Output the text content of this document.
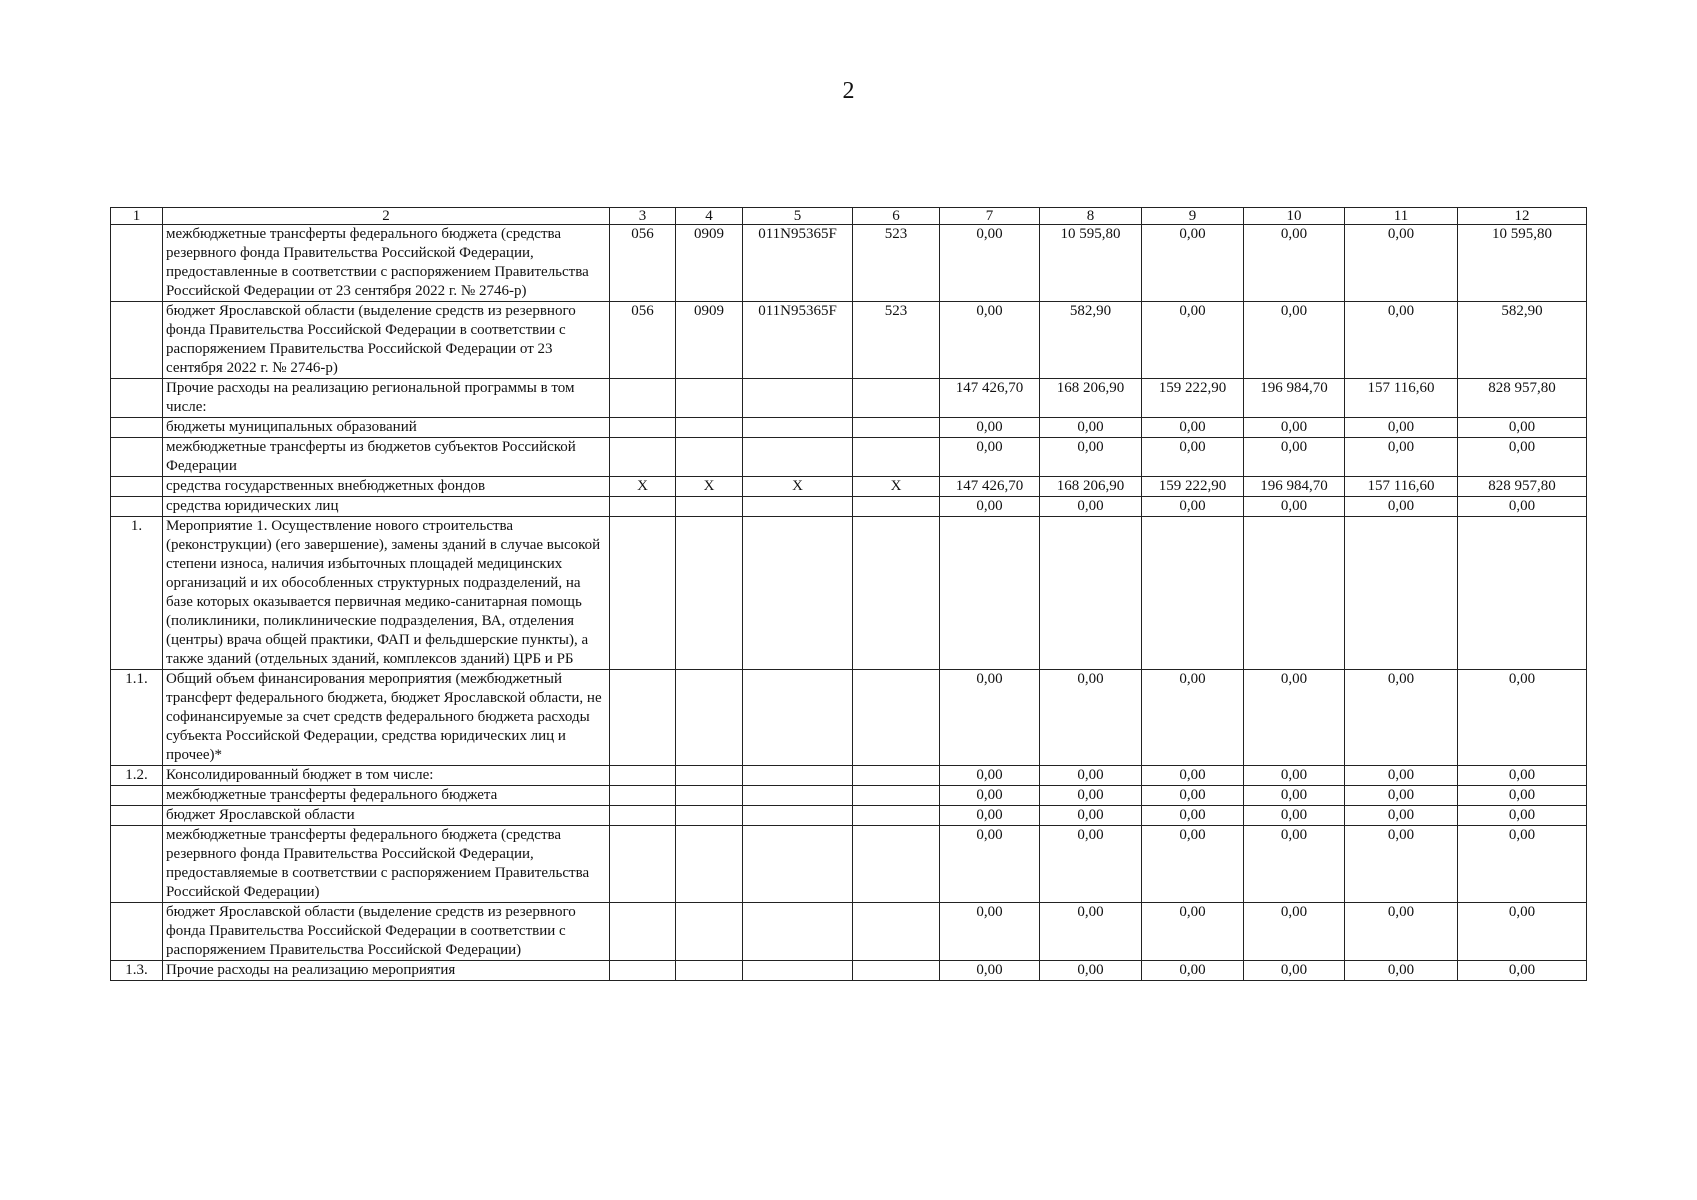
2
1	2	3	4	5	6	7	8	9	10	11	12
	межбюджетные трансферты федерального бюджета (средства резервного фонда Правительства Российской Федерации, предоставленные в соответствии с распоряжением Правительства Российской Федерации от 23 сентября 2022 г. № 2746-р)	056	0909	011N95365F	523	0,00	10 595,80	0,00	0,00	0,00	10 595,80
	бюджет Ярославской области (выделение средств из резервного фонда Правительства Российской Федерации в соответствии с распоряжением Правительства Российской Федерации от 23 сентября 2022 г. № 2746-р)	056	0909	011N95365F	523	0,00	582,90	0,00	0,00	0,00	582,90
	Прочие расходы на реализацию региональной программы в том числе:					147 426,70	168 206,90	159 222,90	196 984,70	157 116,60	828 957,80
	бюджеты муниципальных образований					0,00	0,00	0,00	0,00	0,00	0,00
	межбюджетные трансферты из бюджетов субъектов Российской Федерации					0,00	0,00	0,00	0,00	0,00	0,00
	средства государственных внебюджетных фондов	Х	Х	Х	Х	147 426,70	168 206,90	159 222,90	196 984,70	157 116,60	828 957,80
	средства юридических лиц					0,00	0,00	0,00	0,00	0,00	0,00
1.	Мероприятие 1. Осуществление нового строительства (реконструкции) (его завершение), замены зданий в случае высокой степени износа, наличия избыточных площадей медицинских организаций и их обособленных структурных подразделений, на базе которых оказывается первичная медико-санитарная помощь (поликлиники, поликлинические подразделения, ВА, отделения (центры) врача общей практики, ФАП и фельдшерские пункты), а также зданий (отдельных зданий, комплексов зданий) ЦРБ и РБ										
1.1.	Общий объем финансирования мероприятия (межбюджетный трансферт федерального бюджета, бюджет Ярославской области, не софинансируемые за счет средств федерального бюджета расходы субъекта Российской Федерации, средства юридических лиц и прочее)*					0,00	0,00	0,00	0,00	0,00	0,00
1.2.	Консолидированный бюджет в том числе:					0,00	0,00	0,00	0,00	0,00	0,00
	межбюджетные трансферты федерального бюджета					0,00	0,00	0,00	0,00	0,00	0,00
	бюджет Ярославской области					0,00	0,00	0,00	0,00	0,00	0,00
	межбюджетные трансферты федерального бюджета (средства резервного фонда Правительства Российской Федерации, предоставляемые в соответствии с распоряжением Правительства Российской Федерации)					0,00	0,00	0,00	0,00	0,00	0,00
	бюджет Ярославской области (выделение средств из резервного фонда Правительства Российской Федерации в соответствии с распоряжением Правительства Российской Федерации)					0,00	0,00	0,00	0,00	0,00	0,00
1.3.	Прочие расходы на реализацию мероприятия					0,00	0,00	0,00	0,00	0,00	0,00
